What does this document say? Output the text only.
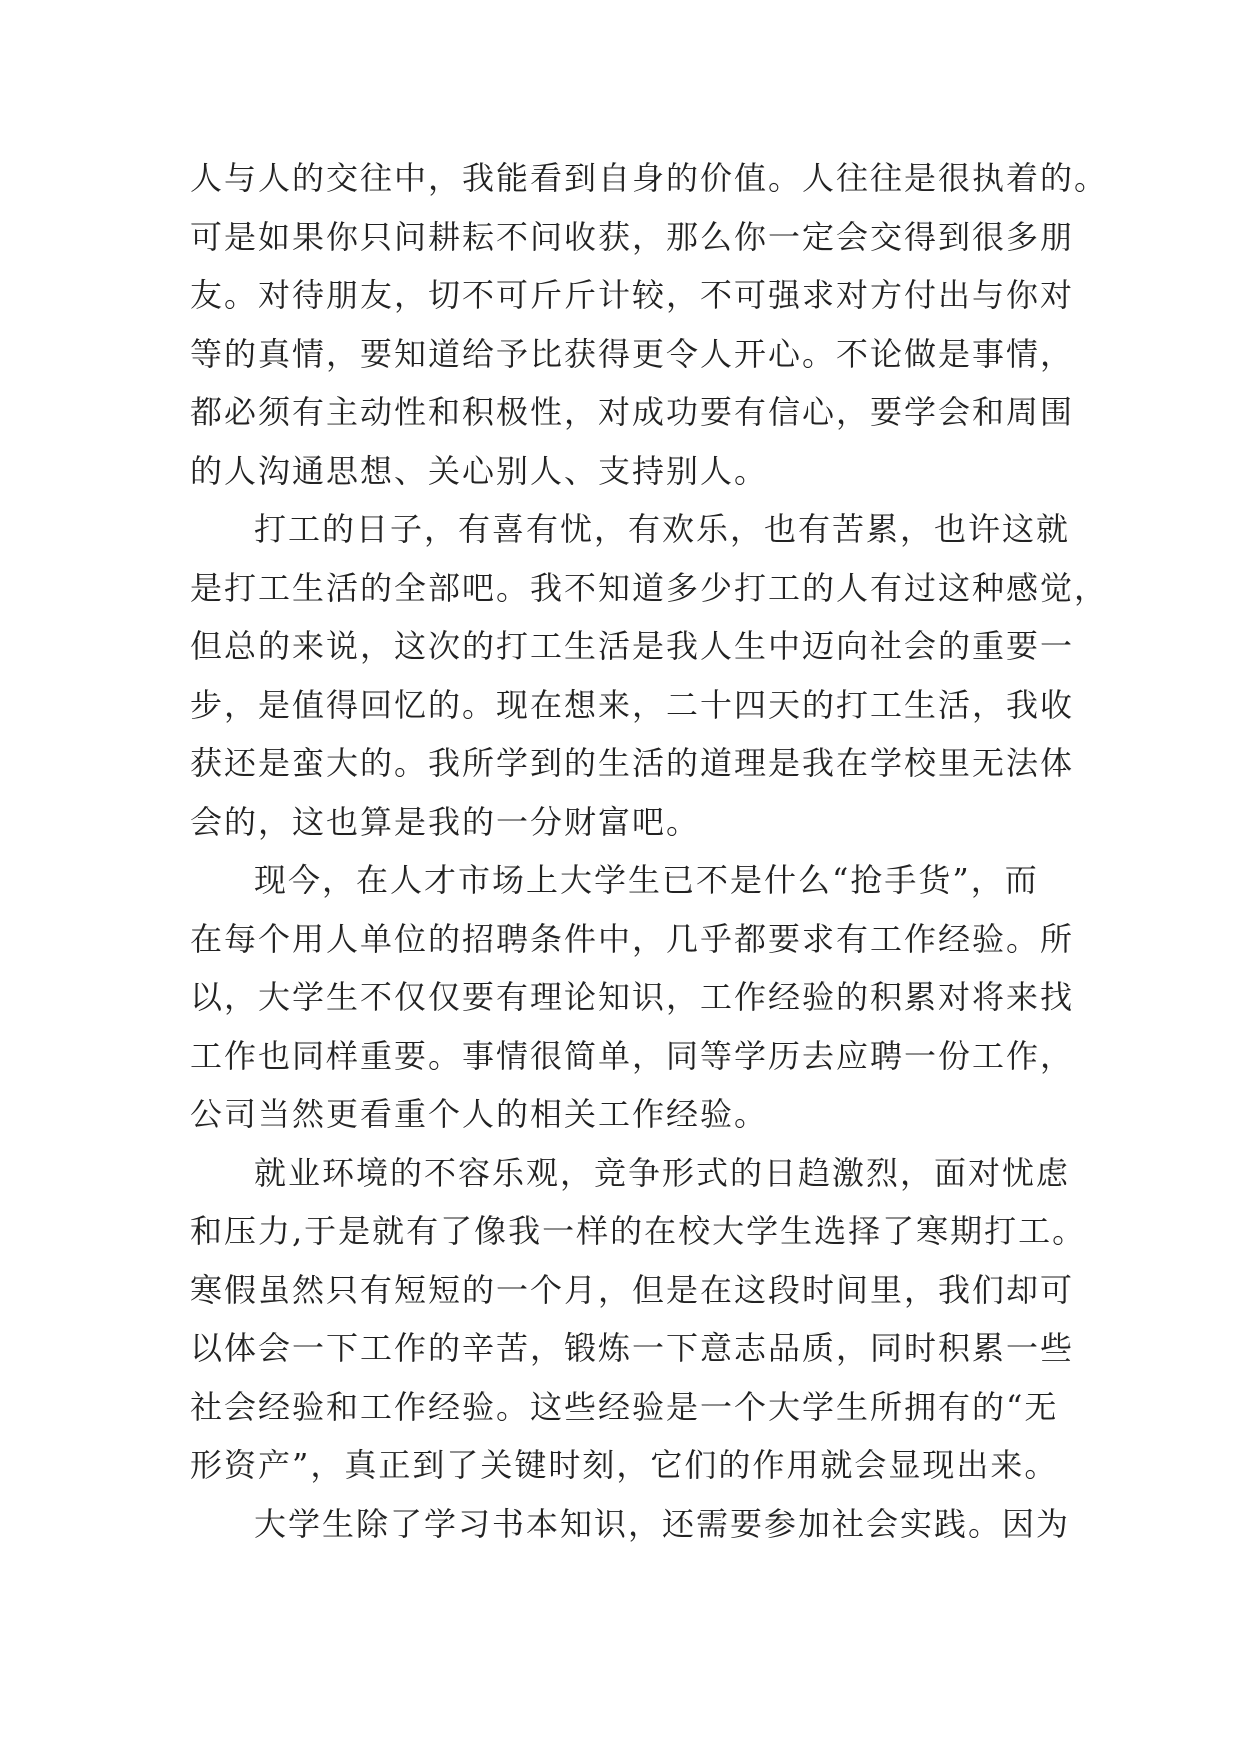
人与人的交往中，我能看到自身的价值。人往往是很执着的。
可是如果你只问耕耘不问收获，那么你一定会交得到很多朋
友。对待朋友，切不可斤斤计较，不可强求对方付出与你对
等的真情，要知道给予比获得更令人开心。不论做是事情，
都必须有主动性和积极性，对成功要有信心，要学会和周围
的人沟通思想、关心别人、支持别人。
打工的日子，有喜有忧，有欢乐，也有苦累，也许这就
是打工生活的全部吧。我不知道多少打工的人有过这种感觉，
但总的来说，这次的打工生活是我人生中迈向社会的重要一
步，是值得回忆的。现在想来，二十四天的打工生活，我收
获还是蛮大的。我所学到的生活的道理是我在学校里无法体
会的，这也算是我的一分财富吧。
现今，在人才市场上大学生已不是什么“抢手货”，而
在每个用人单位的招聘条件中，几乎都要求有工作经验。所
以，大学生不仅仅要有理论知识，工作经验的积累对将来找
工作也同样重要。事情很简单，同等学历去应聘一份工作，
公司当然更看重个人的相关工作经验。
就业环境的不容乐观，竞争形式的日趋激烈，面对忧虑
和压力,于是就有了像我一样的在校大学生选择了寒期打工。
寒假虽然只有短短的一个月，但是在这段时间里，我们却可
以体会一下工作的辛苦，锻炼一下意志品质，同时积累一些
社会经验和工作经验。这些经验是一个大学生所拥有的“无
形资产”，真正到了关键时刻，它们的作用就会显现出来。
大学生除了学习书本知识，还需要参加社会实践。因为
